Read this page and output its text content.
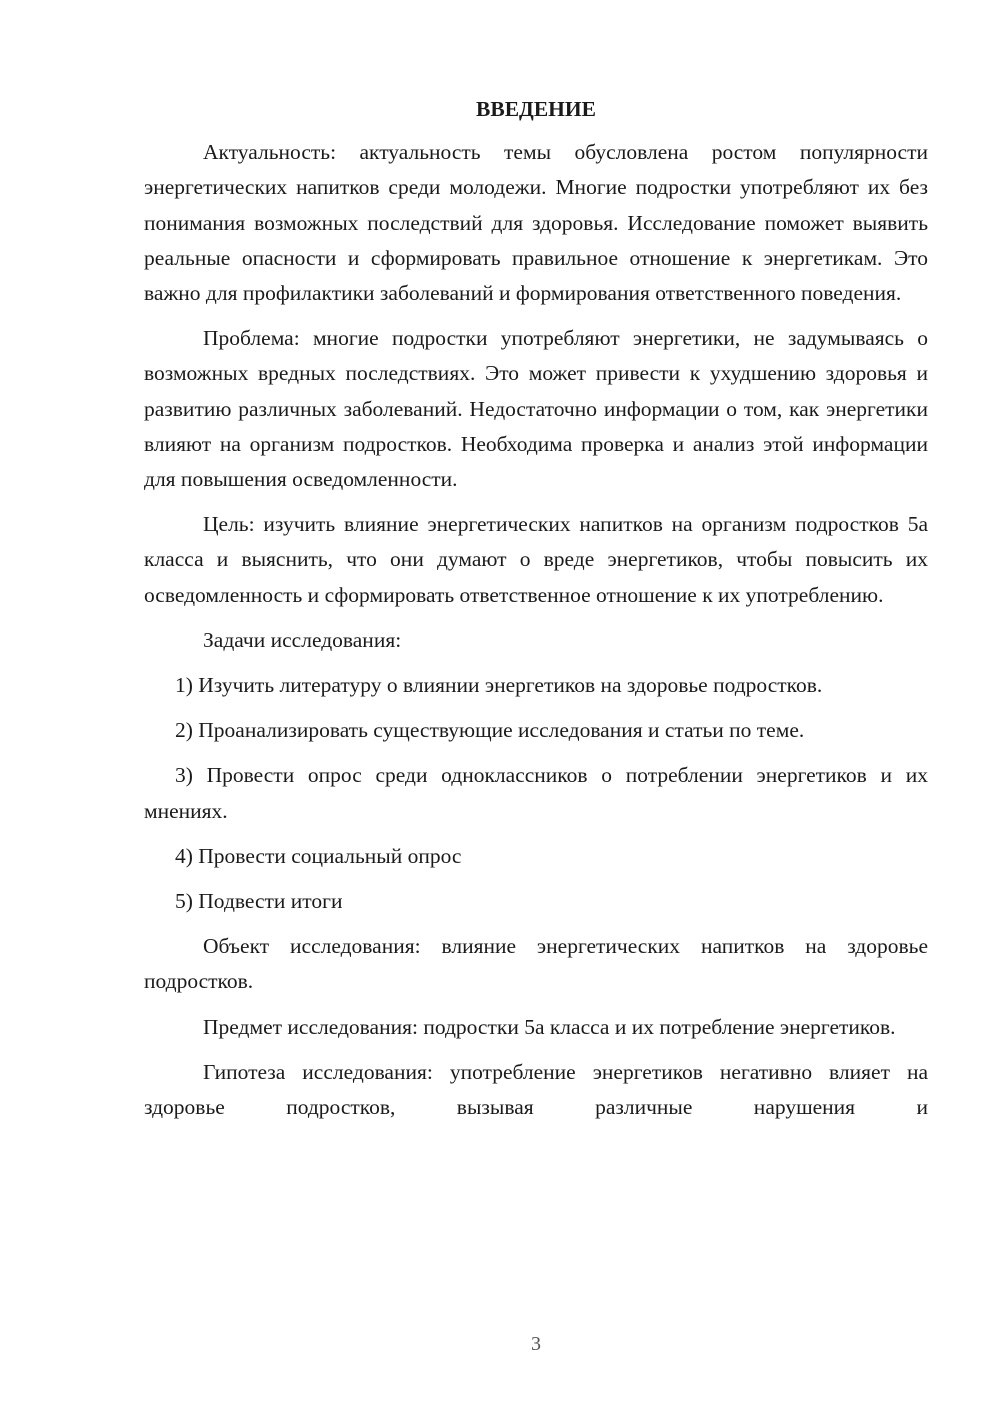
ВВЕДЕНИЕ

Актуальность: актуальность темы обусловлена ростом популярности энергетических напитков среди молодежи. Многие подростки употребляют их без понимания возможных последствий для здоровья. Исследование поможет выявить реальные опасности и сформировать правильное отношение к энергетикам. Это важно для профилактики заболеваний и формирования ответственного поведения.

Проблема: многие подростки употребляют энергетики, не задумываясь о возможных вредных последствиях. Это может привести к ухудшению здоровья и развитию различных заболеваний. Недостаточно информации о том, как энергетики влияют на организм подростков. Необходима проверка и анализ этой информации для повышения осведомленности.

Цель: изучить влияние энергетических напитков на организм подростков 5а класса и выяснить, что они думают о вреде энергетиков, чтобы повысить их осведомленность и сформировать ответственное отношение к их употреблению.

Задачи исследования:

1) Изучить литературу о влиянии энергетиков на здоровье подростков.

2) Проанализировать существующие исследования и статьи по теме.

3) Провести опрос среди одноклассников о потреблении энергетиков и их мнениях.

4) Провести социальный опрос

5) Подвести итоги

Объект исследования: влияние энергетических напитков на здоровье подростков.

Предмет исследования: подростки 5а класса и их потребление энергетиков.

Гипотеза исследования: употребление энергетиков негативно влияет на здоровье подростков, вызывая различные нарушения и

3
